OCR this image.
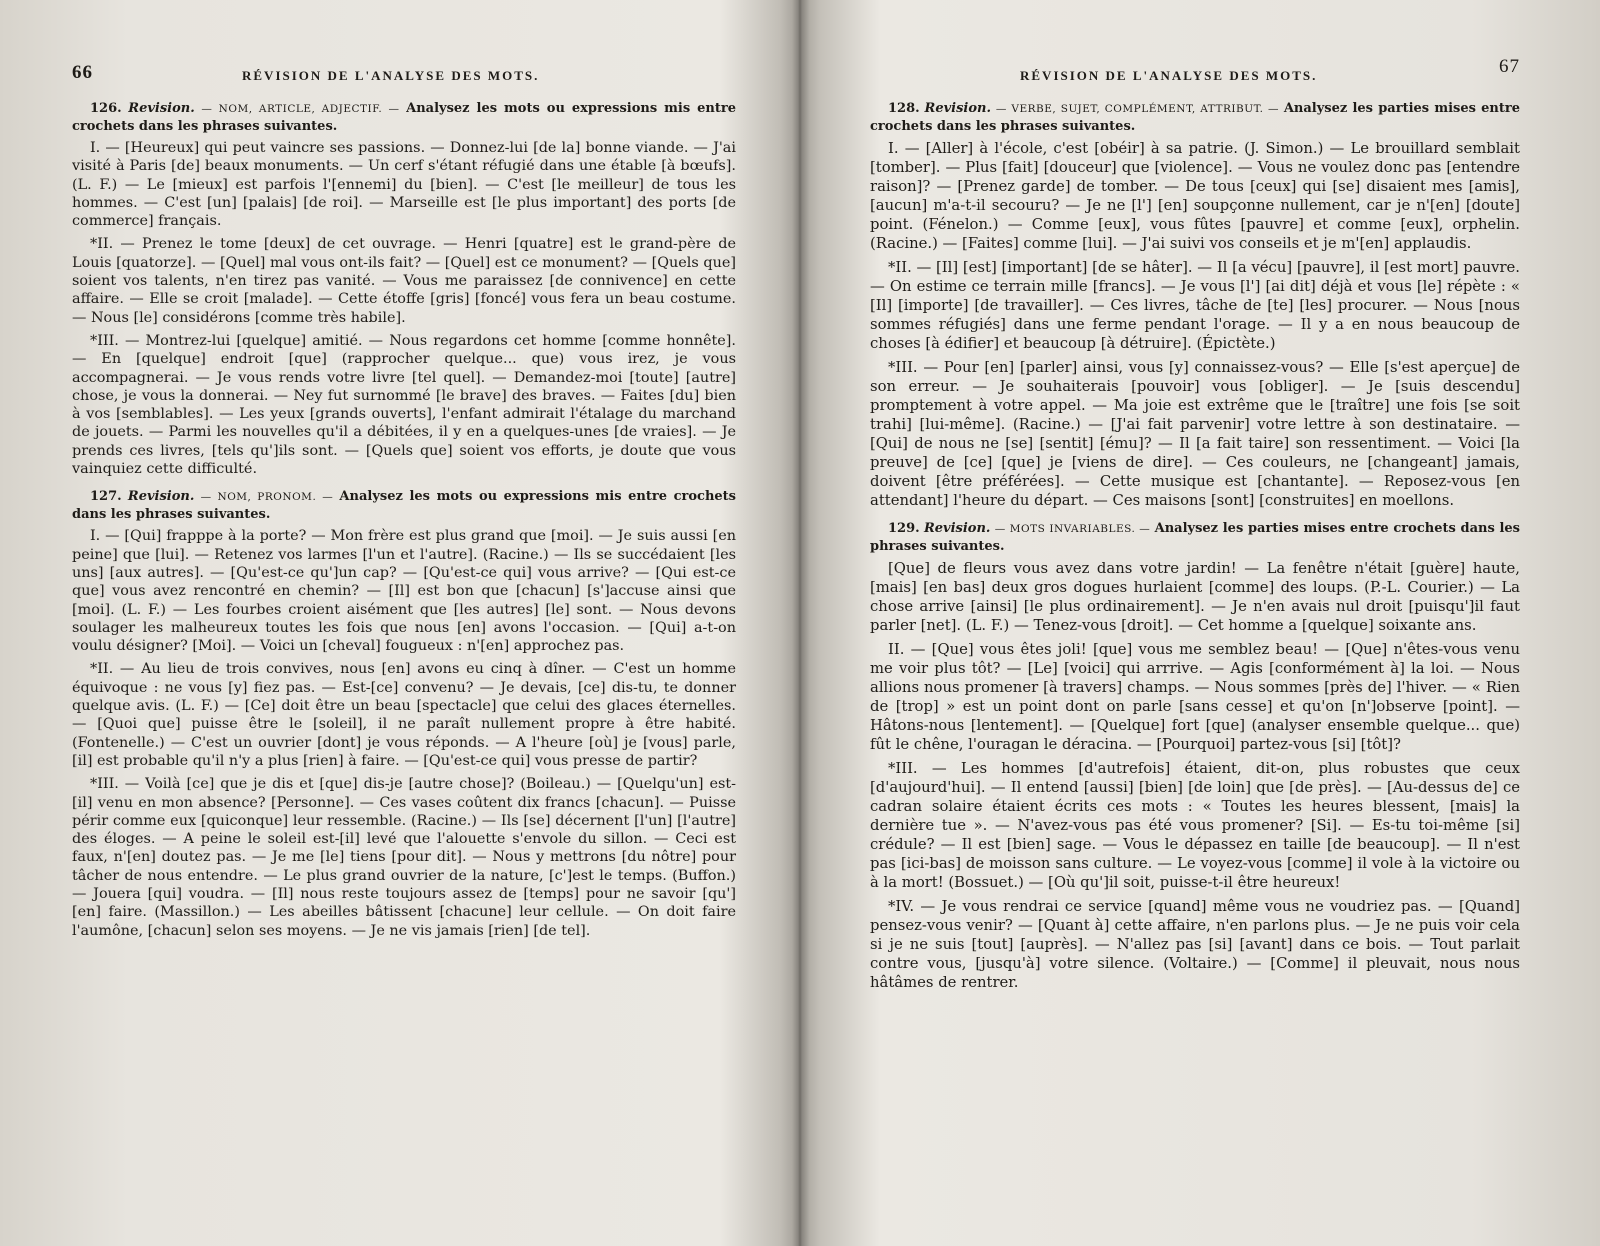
66	RÉVISION DE L'ANALYSE DES MOTS.

126. Revision. — NOM, ARTICLE, ADJECTIF. — Analysez les mots ou expressions mis entre crochets dans les phrases suivantes.

I. — [Heureux] qui peut vaincre ses passions. — Donnez-lui [de la] bonne viande. — J'ai visité à Paris [de] beaux monuments. — Un cerf s'étant réfugié dans une étable [à bœufs]. (L. F.) — Le [mieux] est parfois l'[ennemi] du [bien]. — C'est [le meilleur] de tous les hommes. — C'est [un] [palais] [de roi]. — Marseille est [le plus important] des ports [de commerce] français.

*II. — Prenez le tome [deux] de cet ouvrage. — Henri [quatre] est le grand-père de Louis [quatorze]. — [Quel] mal vous ont-ils fait? — [Quel] est ce monument? — [Quels que] soient vos talents, n'en tirez pas vanité. — Vous me paraissez [de connivence] en cette affaire. — Elle se croit [malade]. — Cette étoffe [gris] [foncé] vous fera un beau costume. — Nous [le] considérons [comme très habile].

*III. — Montrez-lui [quelque] amitié. — Nous regardons cet homme [comme honnête]. — En [quelque] endroit [que] (rapprocher quelque... que) vous irez, je vous accompagnerai. — Je vous rends votre livre [tel quel]. — Demandez-moi [toute] [autre] chose, je vous la donnerai. — Ney fut surnommé [le brave] des braves. — Faites [du] bien à vos [semblables]. — Les yeux [grands ouverts], l'enfant admirait l'étalage du marchand de jouets. — Parmi les nouvelles qu'il a débitées, il y en a quelques-unes [de vraies]. — Je prends ces livres, [tels qu']ils sont. — [Quels que] soient vos efforts, je doute que vous vainquiez cette difficulté.

127. Revision. — NOM, PRONOM. — Analysez les mots ou expressions mis entre crochets dans les phrases suivantes.

I. — [Qui] frapppe à la porte? — Mon frère est plus grand que [moi]. — Je suis aussi [en peine] que [lui]. — Retenez vos larmes [l'un et l'autre]. (Racine.) — Ils se succédaient [les uns] [aux autres]. — [Qu'est-ce qu']un cap? — [Qu'est-ce qui] vous arrive? — [Qui est-ce que] vous avez rencontré en chemin? — [Il] est bon que [chacun] [s']accuse ainsi que [moi]. (L. F.) — Les fourbes croient aisément que [les autres] [le] sont. — Nous devons soulager les malheureux toutes les fois que nous [en] avons l'occasion. — [Qui] a-t-on voulu désigner? [Moi]. — Voici un [cheval] fougueux : n'[en] approchez pas.

*II. — Au lieu de trois convives, nous [en] avons eu cinq à dîner. — C'est un homme équivoque : ne vous [y] fiez pas. — Est-[ce] convenu? — Je devais, [ce] dis-tu, te donner quelque avis. (L. F.) — [Ce] doit être un beau [spectacle] que celui des glaces éternelles. — [Quoi que] puisse être le [soleil], il ne paraît nullement propre à être habité. (Fontenelle.) — C'est un ouvrier [dont] je vous réponds. — A l'heure [où] je [vous] parle, [il] est probable qu'il n'y a plus [rien] à faire. — [Qu'est-ce qui] vous presse de partir?

*III. — Voilà [ce] que je dis et [que] dis-je [autre chose]? (Boileau.) — [Quelqu'un] est-[il] venu en mon absence? [Personne]. — Ces vases coûtent dix francs [chacun]. — Puisse périr comme eux [quiconque] leur ressemble. (Racine.) — Ils [se] décernent [l'un] [l'autre] des éloges. — A peine le soleil est-[il] levé que l'alouette s'envole du sillon. — Ceci est faux, n'[en] doutez pas. — Je me [le] tiens [pour dit]. — Nous y mettrons [du nôtre] pour tâcher de nous entendre. — Le plus grand ouvrier de la nature, [c']est le temps. (Buffon.) — Jouera [qui] voudra. — [Il] nous reste toujours assez de [temps] pour ne savoir [qu'] [en] faire. (Massillon.) — Les abeilles bâtissent [chacune] leur cellule. — On doit faire l'aumône, [chacun] selon ses moyens. — Je ne vis jamais [rien] [de tel].

RÉVISION DE L'ANALYSE DES MOTS.	67

128. Revision. — VERBE, SUJET, COMPLÉMENT, ATTRIBUT. — Analysez les parties mises entre crochets dans les phrases suivantes.

I. — [Aller] à l'école, c'est [obéir] à sa patrie. (J. Simon.) — Le brouillard semblait [tomber]. — Plus [fait] [douceur] que [violence]. — Vous ne voulez donc pas [entendre raison]? — [Prenez garde] de tomber. — De tous [ceux] qui [se] disaient mes [amis], [aucun] m'a-t-il secouru? — Je ne [l'] [en] soupçonne nullement, car je n'[en] [doute] point. (Fénelon.) — Comme [eux], vous fûtes [pauvre] et comme [eux], orphelin. (Racine.) — [Faites] comme [lui]. — J'ai suivi vos conseils et je m'[en] applaudis.

*II. — [Il] [est] [important] [de se hâter]. — Il [a vécu] [pauvre], il [est mort] pauvre. — On estime ce terrain mille [francs]. — Je vous [l'] [ai dit] déjà et vous [le] répète : « [Il] [importe] [de travailler]. — Ces livres, tâche de [te] [les] procurer. — Nous [nous sommes réfugiés] dans une ferme pendant l'orage. — Il y a en nous beaucoup de choses [à édifier] et beaucoup [à détruire]. (Épictète.)

*III. — Pour [en] [parler] ainsi, vous [y] connaissez-vous? — Elle [s'est aperçue] de son erreur. — Je souhaiterais [pouvoir] vous [obliger]. — Je [suis descendu] promptement à votre appel. — Ma joie est extrême que le [traître] une fois [se soit trahi] [lui-même]. (Racine.) — [J'ai fait parvenir] votre lettre à son destinataire. — [Qui] de nous ne [se] [sentit] [ému]? — Il [a fait taire] son ressentiment. — Voici [la preuve] de [ce] [que] je [viens de dire]. — Ces couleurs, ne [changeant] jamais, doivent [être préférées]. — Cette musique est [chantante]. — Reposez-vous [en attendant] l'heure du départ. — Ces maisons [sont] [construites] en moellons.

129. Revision. — MOTS INVARIABLES. — Analysez les parties mises entre crochets dans les phrases suivantes.

[Que] de fleurs vous avez dans votre jardin! — La fenêtre n'était [guère] haute, [mais] [en bas] deux gros dogues hurlaient [comme] des loups. (P.-L. Courier.) — La chose arrive [ainsi] [le plus ordinairement]. — Je n'en avais nul droit [puisqu']il faut parler [net]. (L. F.) — Tenez-vous [droit]. — Cet homme a [quelque] soixante ans.

II. — [Que] vous êtes joli! [que] vous me semblez beau! — [Que] n'êtes-vous venu me voir plus tôt? — [Le] [voici] qui arrrive. — Agis [conformément à] la loi. — Nous allions nous promener [à travers] champs. — Nous sommes [près de] l'hiver. — « Rien de [trop] » est un point dont on parle [sans cesse] et qu'on [n']observe [point]. — Hâtons-nous [lentement]. — [Quelque] fort [que] (analyser ensemble quelque... que) fût le chêne, l'ouragan le déracina. — [Pourquoi] partez-vous [si] [tôt]?

*III. — Les hommes [d'autrefois] étaient, dit-on, plus robustes que ceux [d'aujourd'hui]. — Il entend [aussi] [bien] [de loin] que [de près]. — [Au-dessus de] ce cadran solaire étaient écrits ces mots : « Toutes les heures blessent, [mais] la dernière tue ». — N'avez-vous pas été vous promener? [Si]. — Es-tu toi-même [si] crédule? — Il est [bien] sage. — Vous le dépassez en taille [de beaucoup]. — Il n'est pas [ici-bas] de moisson sans culture. — Le voyez-vous [comme] il vole à la victoire ou à la mort! (Bossuet.) — [Où qu']il soit, puisse-t-il être heureux!

*IV. — Je vous rendrai ce service [quand] même vous ne voudriez pas. — [Quand] pensez-vous venir? — [Quant à] cette affaire, n'en parlons plus. — Je ne puis voir cela si je ne suis [tout] [auprès]. — N'allez pas [si] [avant] dans ce bois. — Tout parlait contre vous, [jusqu'à] votre silence. (Voltaire.) — [Comme] il pleuvait, nous nous hâtâmes de rentrer.
